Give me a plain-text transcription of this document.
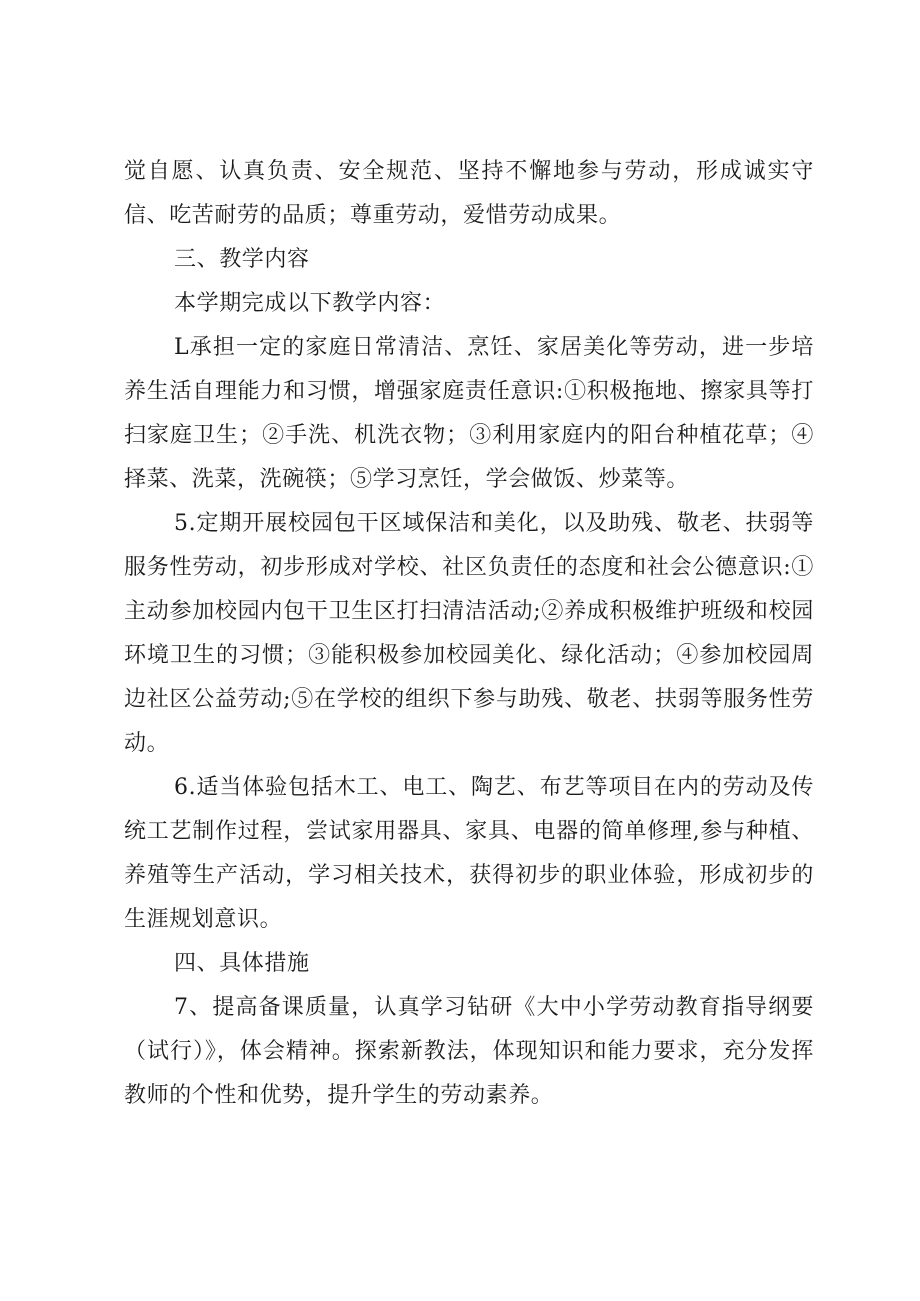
觉自愿、认真负责、安全规范、坚持不懈地参与劳动，形成诚实守信、吃苦耐劳的品质；尊重劳动，爱惜劳动成果。

三、教学内容

本学期完成以下教学内容：

L承担一定的家庭日常清洁、烹饪、家居美化等劳动，进一步培养生活自理能力和习惯，增强家庭责任意识:①积极拖地、擦家具等打扫家庭卫生；②手洗、机洗衣物；③利用家庭内的阳台种植花草；④择菜、洗菜，洗碗筷；⑤学习烹饪，学会做饭、炒菜等。

5.定期开展校园包干区域保洁和美化，以及助残、敬老、扶弱等服务性劳动，初步形成对学校、社区负责任的态度和社会公德意识:①主动参加校园内包干卫生区打扫清洁活动;②养成积极维护班级和校园环境卫生的习惯；③能积极参加校园美化、绿化活动；④参加校园周边社区公益劳动;⑤在学校的组织下参与助残、敬老、扶弱等服务性劳动。

6.适当体验包括木工、电工、陶艺、布艺等项目在内的劳动及传统工艺制作过程，尝试家用器具、家具、电器的简单修理,参与种植、养殖等生产活动，学习相关技术，获得初步的职业体验，形成初步的生涯规划意识。

四、具体措施

7、提高备课质量，认真学习钻研《大中小学劳动教育指导纲要（试行）》，体会精神。探索新教法，体现知识和能力要求，充分发挥教师的个性和优势，提升学生的劳动素养。
